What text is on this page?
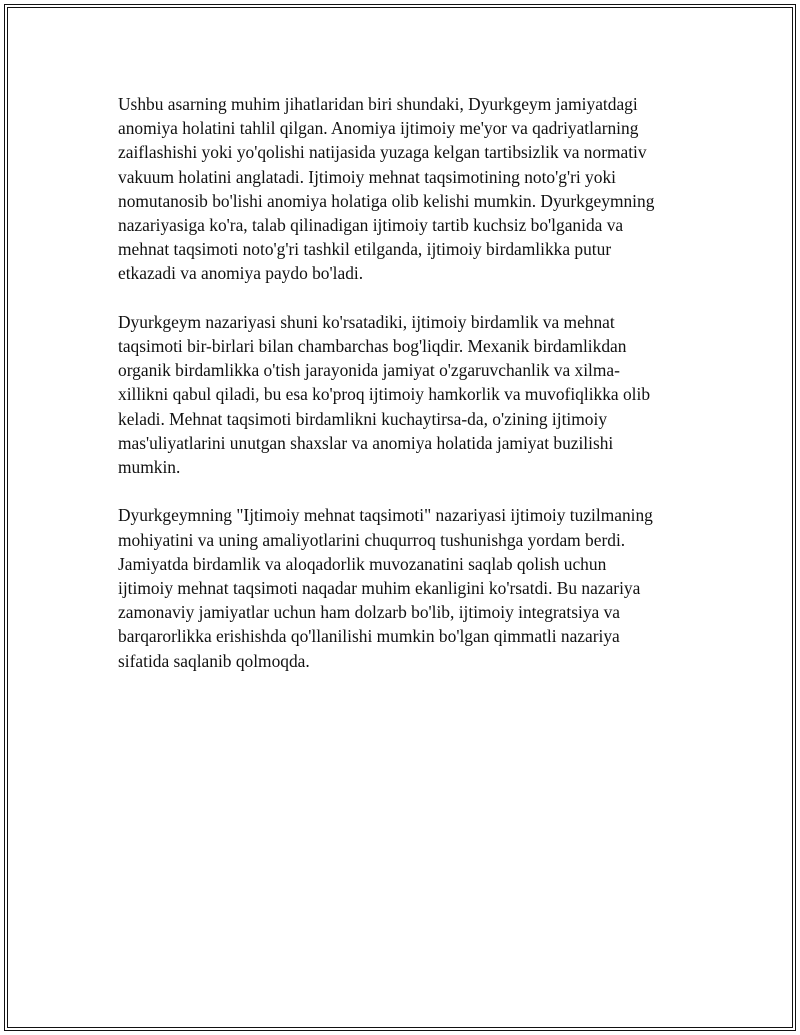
Ushbu asarning muhim jihatlaridan biri shundaki, Dyurkgeym jamiyatdagi
anomiya holatini tahlil qilgan. Anomiya ijtimoiy me'yor va qadriyatlarning
zaiflashishi yoki yo'qolishi natijasida yuzaga kelgan tartibsizlik va normativ
vakuum holatini anglatadi. Ijtimoiy mehnat taqsimotining noto'g'ri yoki
nomutanosib bo'lishi anomiya holatiga olib kelishi mumkin. Dyurkgeymning
nazariyasiga ko'ra, talab qilinadigan ijtimoiy tartib kuchsiz bo'lganida va
mehnat taqsimoti noto'g'ri tashkil etilganda, ijtimoiy birdamlikka putur
etkazadi va anomiya paydo bo'ladi.

Dyurkgeym nazariyasi shuni ko'rsatadiki, ijtimoiy birdamlik va mehnat
taqsimoti bir-birlari bilan chambarchas bog'liqdir. Mexanik birdamlikdan
organik birdamlikka o'tish jarayonida jamiyat o'zgaruvchanlik va xilma-
xillikni qabul qiladi, bu esa ko'proq ijtimoiy hamkorlik va muvofiqlikka olib
keladi. Mehnat taqsimoti birdamlikni kuchaytirsa-da, o'zining ijtimoiy
mas'uliyatlarini unutgan shaxslar va anomiya holatida jamiyat buzilishi
mumkin.

Dyurkgeymning "Ijtimoiy mehnat taqsimoti" nazariyasi ijtimoiy tuzilmaning
mohiyatini va uning amaliyotlarini chuqurroq tushunishga yordam berdi.
Jamiyatda birdamlik va aloqadorlik muvozanatini saqlab qolish uchun
ijtimoiy mehnat taqsimoti naqadar muhim ekanligini ko'rsatdi. Bu nazariya
zamonaviy jamiyatlar uchun ham dolzarb bo'lib, ijtimoiy integratsiya va
barqarorlikka erishishda qo'llanilishi mumkin bo'lgan qimmatli nazariya
sifatida saqlanib qolmoqda.
